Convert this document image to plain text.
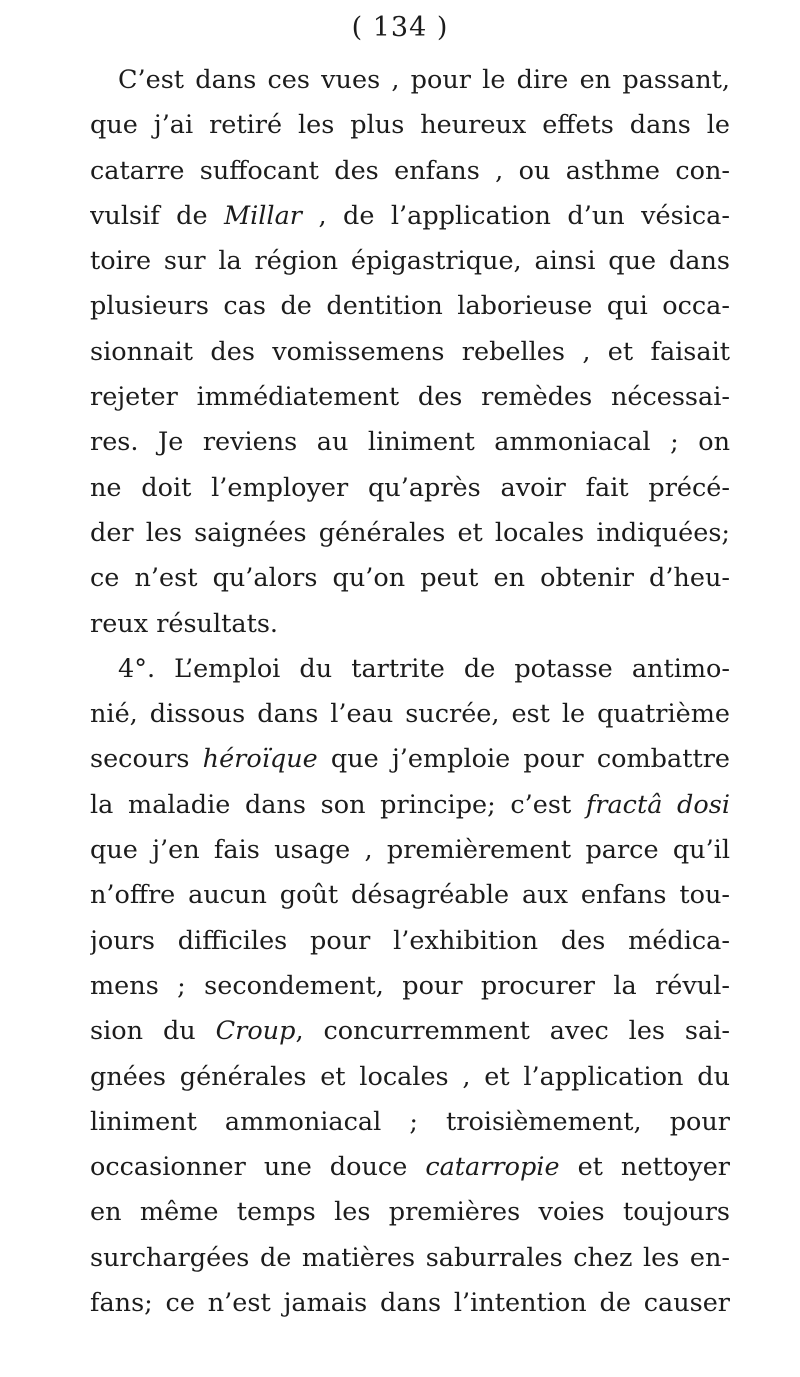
( 134 )
C’est dans ces vues , pour le dire en passant,
que j’ai retiré les plus heureux effets dans le
catarre suffocant des enfans , ou asthme con-
vulsif de Millar , de l’application d’un vésica-
toire sur la région épigastrique, ainsi que dans
plusieurs cas de dentition laborieuse qui occa-
sionnait des vomissemens rebelles , et faisait
rejeter immédiatement des remèdes nécessai-
res. Je reviens au liniment ammoniacal ; on
ne doit l’employer qu’après avoir fait précé-
der les saignées générales et locales indiquées;
ce n’est qu’alors qu’on peut en obtenir d’heu-
reux résultats.
4°. L’emploi du tartrite de potasse antimo-
nié, dissous dans l’eau sucrée, est le quatrième
secours héroïque que j’emploie pour combattre
la maladie dans son principe; c’est fractâ dosi
que j’en fais usage , premièrement parce qu’il
n’offre aucun goût désagréable aux enfans tou-
jours difficiles pour l’exhibition des médica-
mens ; secondement, pour procurer la révul-
sion du Croup, concurremment avec les sai-
gnées générales et locales , et l’application du
liniment ammoniacal ; troisièmement, pour
occasionner une douce catarropie et nettoyer
en même temps les premières voies toujours
surchargées de matières saburrales chez les en-
fans; ce n’est jamais dans l’intention de causer
